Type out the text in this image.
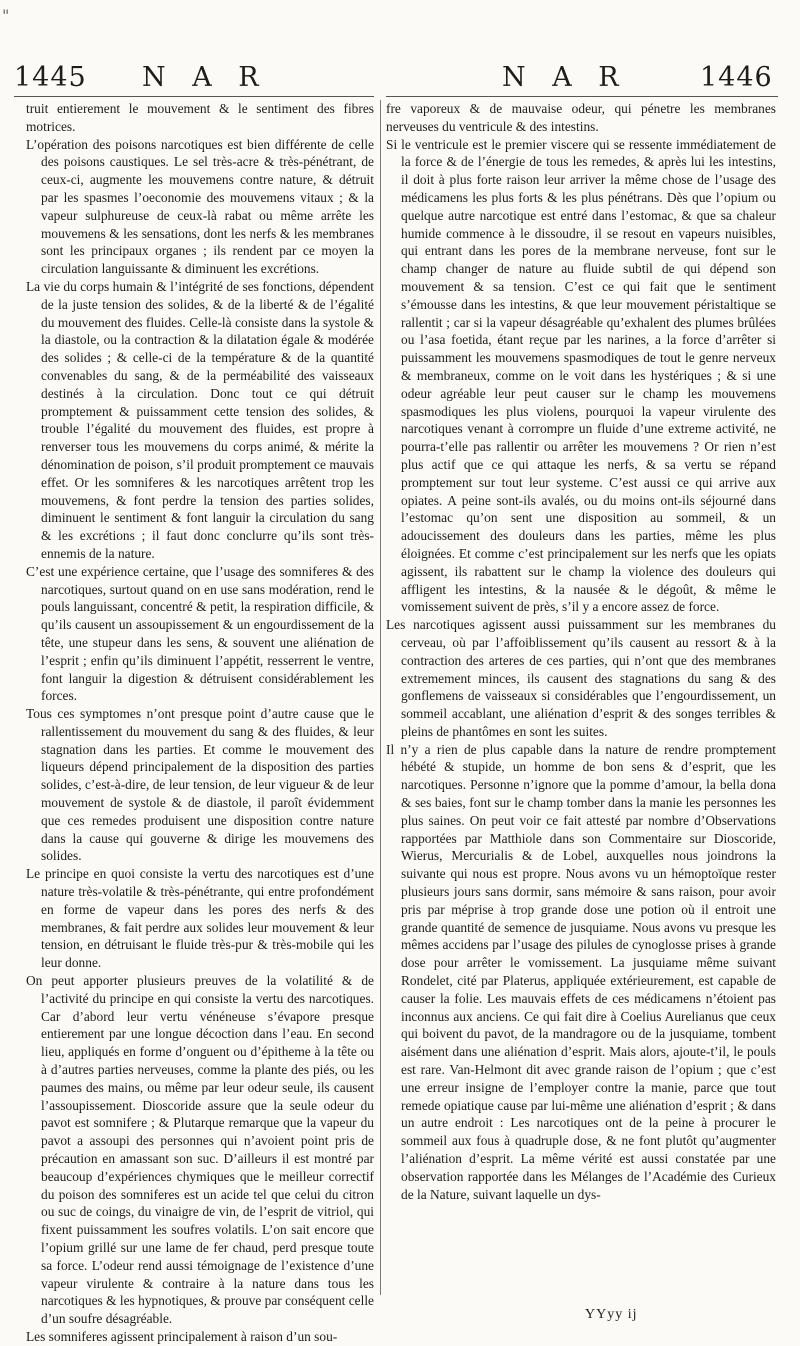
"
1445 N A R	N A R	1446

truit entierement le mouvement & le sentiment des fibres motrices.

L’opération des poisons narcotiques est bien différente de celle des poisons caustiques. Le sel très-acre & très-pénétrant, de ceux-ci, augmente les mouvemens contre nature, & détruit par les spasmes l’oeconomie des mouvemens vitaux ; & la vapeur sulphureuse de ceux-là rabat ou même arrête les mouvemens & les sensations, dont les nerfs & les membranes sont les principaux organes ; ils rendent par ce moyen la circulation languissante & diminuent les excrétions.

La vie du corps humain & l’intégrité de ses fonctions, dépendent de la juste tension des solides, & de la liberté & de l’égalité du mouvement des fluides. Celle-là consiste dans la systole & la diastole, ou la contraction & la dilatation égale & modérée des solides ; & celle-ci de la température & de la quantité convenables du sang, & de la perméabilité des vaisseaux destinés à la circulation. Donc tout ce qui détruit promptement & puissamment cette tension des solides, & trouble l’égalité du mouvement des fluides, est propre à renverser tous les mouvemens du corps animé, & mérite la dénomination de poison, s’il produit promptement ce mauvais effet. Or les somniferes & les narcotiques arrêtent trop les mouvemens, & font perdre la tension des parties solides, diminuent le sentiment & font languir la circulation du sang & les excrétions ; il faut donc conclurre qu’ils sont très-ennemis de la nature.

C’est une expérience certaine, que l’usage des somniferes & des narcotiques, surtout quand on en use sans modération, rend le pouls languissant, concentré & petit, la respiration difficile, & qu’ils causent un assoupissement & un engourdissement de la tête, une stupeur dans les sens, & souvent une aliénation de l’esprit ; enfin qu’ils diminuent l’appétit, resserrent le ventre, font languir la digestion & détruisent considérablement les forces.

Tous ces symptomes n’ont presque point d’autre cause que le rallentissement du mouvement du sang & des fluides, & leur stagnation dans les parties. Et comme le mouvement des liqueurs dépend principalement de la disposition des parties solides, c’est-à-dire, de leur tension, de leur vigueur & de leur mouvement de systole & de diastole, il paroît évidemment que ces remedes produisent une disposition contre nature dans la cause qui gouverne & dirige les mouvemens des solides.

Le principe en quoi consiste la vertu des narcotiques est d’une nature très-volatile & très-pénétrante, qui entre profondément en forme de vapeur dans les pores des nerfs & des membranes, & fait perdre aux solides leur mouvement & leur tension, en détruisant le fluide très-pur & très-mobile qui les leur donne.

On peut apporter plusieurs preuves de la volatilité & de l’activité du principe en qui consiste la vertu des narcotiques. Car d’abord leur vertu vénéneuse s’évapore presque entierement par une longue décoction dans l’eau. En second lieu, appliqués en forme d’onguent ou d’épitheme à la tête ou à d’autres parties nerveuses, comme la plante des piés, ou les paumes des mains, ou même par leur odeur seule, ils causent l’assoupissement. Dioscoride assure que la seule odeur du pavot est somnifere ; & Plutarque remarque que la vapeur du pavot a assoupi des personnes qui n’avoient point pris de précaution en amassant son suc. D’ailleurs il est montré par beaucoup d’expériences chymiques que le meilleur correctif du poison des somniferes est un acide tel que celui du citron ou suc de coings, du vinaigre de vin, de l’esprit de vitriol, qui fixent puissamment les soufres volatils. L’on sait encore que l’opium grillé sur une lame de fer chaud, perd presque toute sa force. L’odeur rend aussi témoignage de l’existence d’une vapeur virulente & contraire à la nature dans tous les narcotiques & les hypnotiques, & prouve par conséquent celle d’un soufre désagréable.

Les somniferes agissent principalement à raison d’un sou-

fre vaporeux & de mauvaise odeur, qui pénetre les membranes nerveuses du ventricule & des intestins.

Si le ventricule est le premier viscere qui se ressente immédiatement de la force & de l’énergie de tous les remedes, & après lui les intestins, il doit à plus forte raison leur arriver la même chose de l’usage des médicamens les plus forts & les plus pénétrans. Dès que l’opium ou quelque autre narcotique est entré dans l’estomac, & que sa chaleur humide commence à le dissoudre, il se resout en vapeurs nuisibles, qui entrant dans les pores de la membrane nerveuse, font sur le champ changer de nature au fluide subtil de qui dépend son mouvement & sa tension. C’est ce qui fait que le sentiment s’émousse dans les intestins, & que leur mouvement péristaltique se rallentit ; car si la vapeur désagréable qu’exhalent des plumes brûlées ou l’asa foetida, étant reçue par les narines, a la force d’arrêter si puissamment les mouvemens spasmodiques de tout le genre nerveux & membraneux, comme on le voit dans les hystériques ; & si une odeur agréable leur peut causer sur le champ les mouvemens spasmodiques les plus violens, pourquoi la vapeur virulente des narcotiques venant à corrompre un fluide d’une extreme activité, ne pourra-t’elle pas rallentir ou arrêter les mouvemens ? Or rien n’est plus actif que ce qui attaque les nerfs, & sa vertu se répand promptement sur tout leur systeme. C’est aussi ce qui arrive aux opiates. A peine sont-ils avalés, ou du moins ont-ils séjourné dans l’estomac qu’on sent une disposition au sommeil, & un adoucissement des douleurs dans les parties, même les plus éloignées. Et comme c’est principalement sur les nerfs que les opiats agissent, ils rabattent sur le champ la violence des douleurs qui affligent les intestins, & la nausée & le dégoût, & même le vomissement suivent de près, s’il y a encore assez de force.

Les narcotiques agissent aussi puissamment sur les membranes du cerveau, où par l’affoiblissement qu’ils causent au ressort & à la contraction des arteres de ces parties, qui n’ont que des membranes extremement minces, ils causent des stagnations du sang & des gonflemens de vaisseaux si considérables que l’engourdissement, un sommeil accablant, une aliénation d’esprit & des songes terribles & pleins de phantômes en sont les suites.

Il n’y a rien de plus capable dans la nature de rendre promptement hébété & stupide, un homme de bon sens & d’esprit, que les narcotiques. Personne n’ignore que la pomme d’amour, la bella dona & ses baies, font sur le champ tomber dans la manie les personnes les plus saines. On peut voir ce fait attesté par nombre d’Observations rapportées par Matthiole dans son Commentaire sur Dioscoride, Wierus, Mercurialis & de Lobel, auxquelles nous joindrons la suivante qui nous est propre. Nous avons vu un hémoptoïque rester plusieurs jours sans dormir, sans mémoire & sans raison, pour avoir pris par méprise à trop grande dose une potion où il entroit une grande quantité de semence de jusquiame. Nous avons vu presque les mêmes accidens par l’usage des pilules de cynoglosse prises à grande dose pour arrêter le vomissement. La jusquiame même suivant Rondelet, cité par Platerus, appliquée extérieurement, est capable de causer la folie. Les mauvais effets de ces médicamens n’étoient pas inconnus aux anciens. Ce qui fait dire à Coelius Aurelianus que ceux qui boivent du pavot, de la mandragore ou de la jusquiame, tombent aisément dans une aliénation d’esprit. Mais alors, ajoute-t’il, le pouls est rare. Van-Helmont dit avec grande raison de l’opium ; que c’est une erreur insigne de l’employer contre la manie, parce que tout remede opiatique cause par lui-même une aliénation d’esprit ; & dans un autre endroit : Les narcotiques ont de la peine à procurer le sommeil aux fous à quadruple dose, & ne font plutôt qu’augmenter l’aliénation d’esprit. La même vérité est aussi constatée par une observation rapportée dans les Mélanges de l’Académie des Curieux de la Nature, suivant laquelle un dys-

YYyy ij
